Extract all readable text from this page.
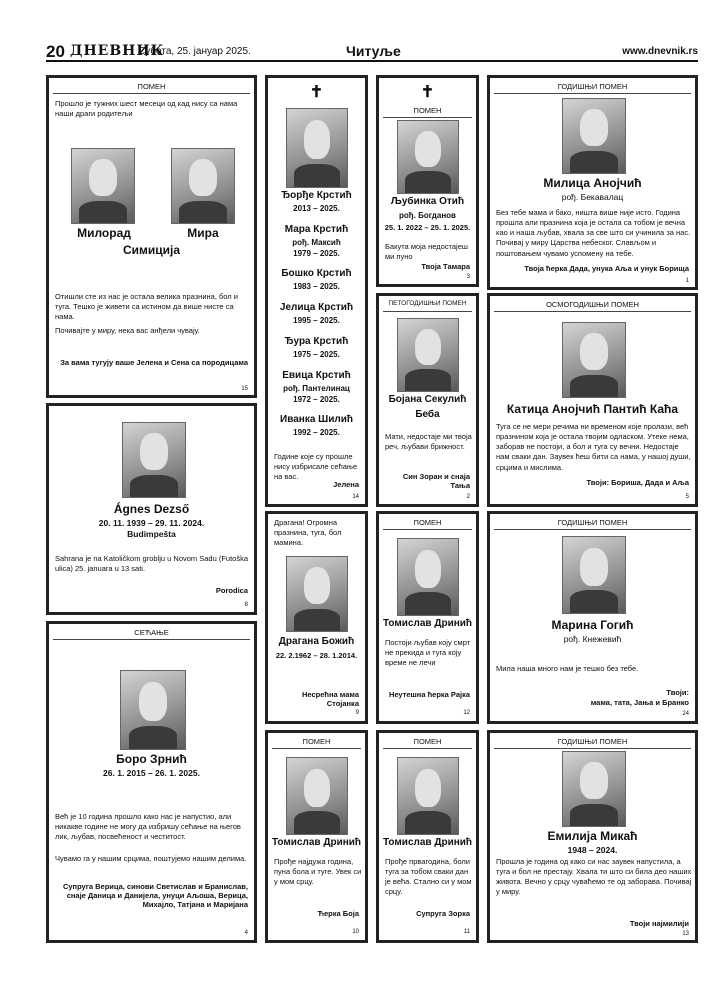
20 ДНЕВНИК
Субота, 25. јануар 2025.	Читуље	www.dnevnik.rs
ПОМЕН
Прошло је тужних шест месеци од кад нису са нама наши драги родитељи
Милорад	Мира
Симиција
Отишли сте из нас је остала велика празнина, бол и туга. Тешко је живети са истином да више нисте са нама.
Почивајте у миру, нека вас анђели чувају.
За вама тугују ваше Јелена и Сена са породицама
15
Ágnes Dezső
20. 11. 1939 – 29. 11. 2024.
Budimpešta
Sahrana je na Katoličkom groblju u Novom Sadu (Futoška ulica) 25. januara u 13 sati.
Porodica
8
СЕЋАЊЕ
Боро Зрнић
26. 1. 2015 – 26. 1. 2025.
Већ је 10 година прошло како нас је напустио, али никакве године не могу да избришу сећање на његов лик, љубав, посвећеност и честитост.
Чувамо га у нашим срцима, поштујемо нашим делима.
Супруга Верица, синови Светислав и Бранислав, снаје Даница и Данијела, унуци Аљоша, Верица, Михајло, Татјана и Маријана
4
✝
Ђорђе Крстић
2013 – 2025.
Мара Крстић
рођ. Максић
1979 – 2025.
Бошко Крстић
1983 – 2025.
Јелица Крстић
1995 – 2025.
Ђура Крстић
1975 – 2025.
Евица Крстић
рођ. Пантелинац
1972 – 2025.
Иванка Шилић
1992 – 2025.
Године које су прошле нису избрисале сећање на вас.
Јелена
14
✝
ПОМЕН
Љубинка Отић
рођ. Богданов
25. 1. 2022 – 25. 1. 2025.
Бакута моја недостајеш ми пуно
Твоја Тамара
3
ПЕТОГОДИШЊИ ПОМЕН
Бојана Секулић
Беба
Мати, недостаје ми твоја реч, љубави брижност.
Син Зоран и снаја Тања
2
ГОДИШЊИ ПОМЕН
Милица Анојчић
рођ. Бекавалац
Без тебе мама и бако, ништа више није исто. Година прошла али празнина која је остала са тобом је вечна као и наша љубав, хвала за све што си учинила за нас. Почивај у миру Царства небеског. Слављом и поштовањем чувамо успомену на тебе.
Твоја ћерка Дада, унука Аља и унук Борища
1
ОСМОГОДИШЊИ ПОМЕН
Катица Анојчић Пантић Каћа
Туга се не мери речима ни временом које пролази, већ празнином која је остала твојим одласком. Утеке нема, заборав не постоји, а бол и туга су вечни. Недостаје нам сваки дан. Заувек ћеш бити са нама, у нашој души, срцима и мислима.
Твоји: Бориша, Дада и Аља
5
Драгана! Огромна празнина, туга, бол мамина.
Драгана Божић
22. 2.1962 – 28. 1.2014.
Несрећна мама Стојанка
9
ПОМЕН
Томислав Дринић
Постоји љубав коју смрт не прекида и туга коју време не лечи
Неутешна ћерка Рајка
12
ГОДИШЊИ ПОМЕН
Марина Гогић
рођ. Кнежевић
Мила наша много нам је тешко без тебе.
Твоји:
мама, тата, Јања и Бранко
24
ПОМЕН
Томислав Дринић
Прође најдужа година, пуна бола и туге. Увек си у мом срцу.
Ћерка Боја
10
ПОМЕН
Томислав Дринић
Прође првагодина, боли туга за тобом сваки дан је већа. Стално си у мом срцу.
Супруга Зорка
11
ГОДИШЊИ ПОМЕН
Емилија Микаћ
1948 – 2024.
Прошла је година од како си нас заувек напустила, а туга и бол не престају. Хвала ти што си била део наших живота. Вечно у срцу чуваћемо те од заборава. Почивај у миру.
Твоји најмилији
13
